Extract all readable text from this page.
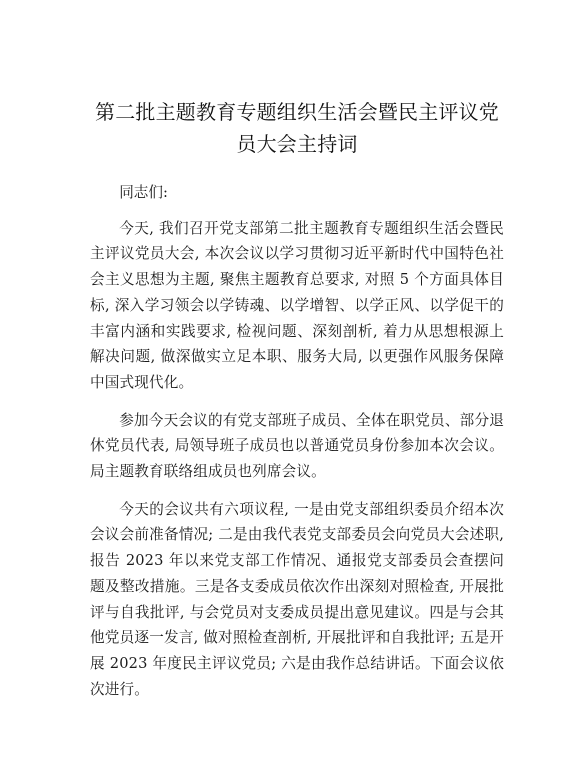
第二批主题教育专题组织生活会暨民主评议党
员大会主持词

同志们:

今天, 我们召开党支部第二批主题教育专题组织生活会暨民主评议党员大会, 本次会议以学习贯彻习近平新时代中国特色社会主义思想为主题, 聚焦主题教育总要求, 对照 5 个方面具体目标, 深入学习领会以学铸魂、以学增智、以学正风、以学促干的丰富内涵和实践要求, 检视问题、深刻剖析, 着力从思想根源上解决问题, 做深做实立足本职、服务大局, 以更强作风服务保障中国式现代化。

参加今天会议的有党支部班子成员、全体在职党员、部分退休党员代表, 局领导班子成员也以普通党员身份参加本次会议。局主题教育联络组成员也列席会议。

今天的会议共有六项议程, 一是由党支部组织委员介绍本次会议会前准备情况; 二是由我代表党支部委员会向党员大会述职, 报告 2023 年以来党支部工作情况、通报党支部委员会查摆问题及整改措施。三是各支委成员依次作出深刻对照检查, 开展批评与自我批评, 与会党员对支委成员提出意见建议。四是与会其他党员逐一发言, 做对照检查剖析, 开展批评和自我批评; 五是开展 2023 年度民主评议党员; 六是由我作总结讲话。下面会议依次进行。
